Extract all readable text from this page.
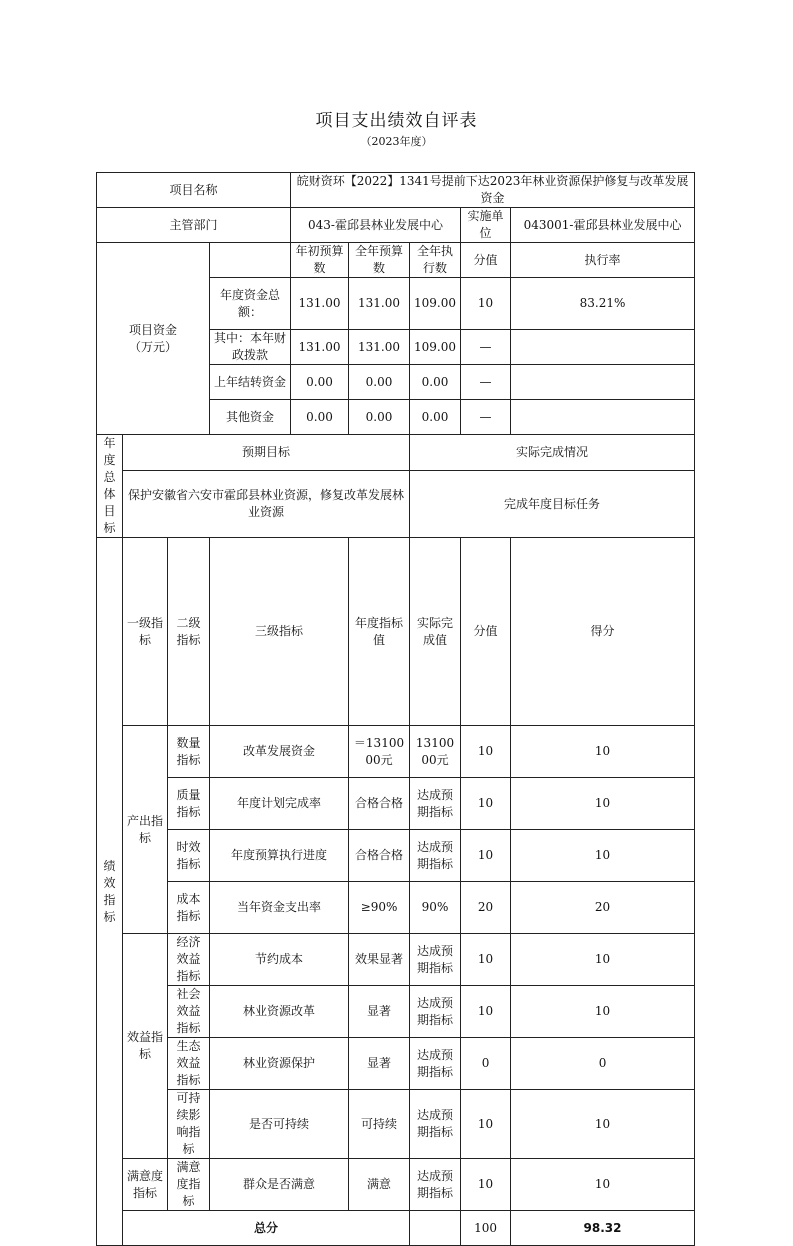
项目支出绩效自评表
（2023年度）
项目名称				皖财资环【2022】1341号提前下达2023年林业资源保护修复与改革发展资金					
主管部门				043-霍邱县林业发展中心			实施单位	043001-霍邱县林业发展中心	
项目资金
（万元）				年初预算数	全年预算数	全年执行数	分值	执行率	
			年度资金总额：	131.00	131.00	109.00	10	83.21%	
			其中：本年财政拨款	131.00	131.00	109.00	—		
			上年结转资金	0.00	0.00	0.00	—		
			其他资金	0.00	0.00	0.00	—		
年度总体目标	预期目标					实际完成情况			
	保护安徽省六安市霍邱县林业资源，修复改革发展林业资源					完成年度目标任务			
绩效指标	一级指标	二级指标	三级指标		年度指标值	实际完成值	分值	得分	
	产出指标	数量指标	改革发展资金		＝1310000元	1310000元	10	10	
		质量指标	年度计划完成率		合格合格	达成预期指标	10	10	
		时效指标	年度预算执行进度		合格合格	达成预期指标	10	10	
		成本指标	当年资金支出率		≥90%	90%	20	20	
	效益指标	经济效益指标	节约成本		效果显著	达成预期指标	10	10	
		社会效益指标	林业资源改革		显著	达成预期指标	10	10	
		生态效益指标	林业资源保护		显著	达成预期指标	0	0	
		可持续影响指标	是否可持续		可持续	达成预期指标	10	10	
	满意度指标	满意度指标	群众是否满意		满意	达成预期指标	10	10	
	总分						100	98.32	
